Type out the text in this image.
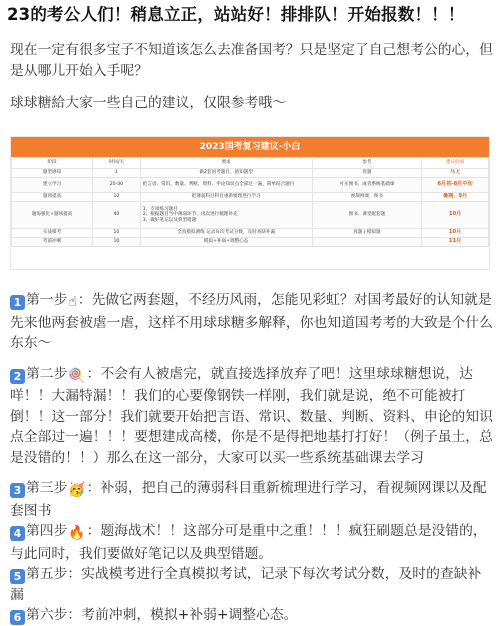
23的考公人们！稍息立正，站站好！排排队！开始报数！！！
现在一定有很多宝子不知道该怎么去准备国考？只是坚定了自己想考公的心，但是从哪儿开始入手呢？
球球糖給大家一些自己的建议，仅限参考哦～
2023国考复习建议-小白
阶段	时间/天	要求	参考	建议时间
题型感知	1	做2套国考题目，感知题型	真题	马上
建立学习	20-30	把言语、常识、数量、判断、资料、申论知识点全部过一遍，简单结合题目	可买图书，或者系统基础课	6月初-8月中旬
题项提高	10	把薄弱科目科目重新梳理进行学习	视频网课，图书	暑期，9月
题海强化+题项提高	40	1、专项练习题目
2、根据题目当中薄弱环节，再次进行梳理补充
3、做好笔记以及典型错题	图书、课堂配套题	10月
实战模考	10	全真模拟测练 记录每次考试分数，及时查缺补漏	真题 | 模拟题	10月
考前冲刺	10	模拟+补弱+调整心态		11月

1 第一步☝：先做它两套题，不经历风雨，怎能见彩虹？对国考最好的认知就是先来他两套被虐一虐，这样不用球球糖多解释，你也知道国考考的大致是个什么东东～

2 第二步🍭：不会有人被虐完，就直接选择放弃了吧！这里球球糖想说，达咩！！大漏特漏！！我们的心要像钢铁一样刚，我们就是说，绝不可能被打倒！！这一部分！我们就要开始把言语、常识、数量、判断、资料、申论的知识点全部过一遍！！！要想建成高楼，你是不是得把地基打打好！（例子虽土，总是没错的！！）那么在这一部分，大家可以买一些系统基础课去学习

3 第三步🥳：补弱，把自己的薄弱科目重新梳理进行学习，看视频网课以及配套图书

4 第四步🔥：题海战术！！这部分可是重中之重！！！疯狂刷题总是没错的，与此同时，我们要做好笔记以及典型错题。

5 第五步：实战模考进行全真模拟考试，记录下每次考试分数，及时的查缺补漏

6 第六步：考前冲刺，模拟+补弱+调整心态。
